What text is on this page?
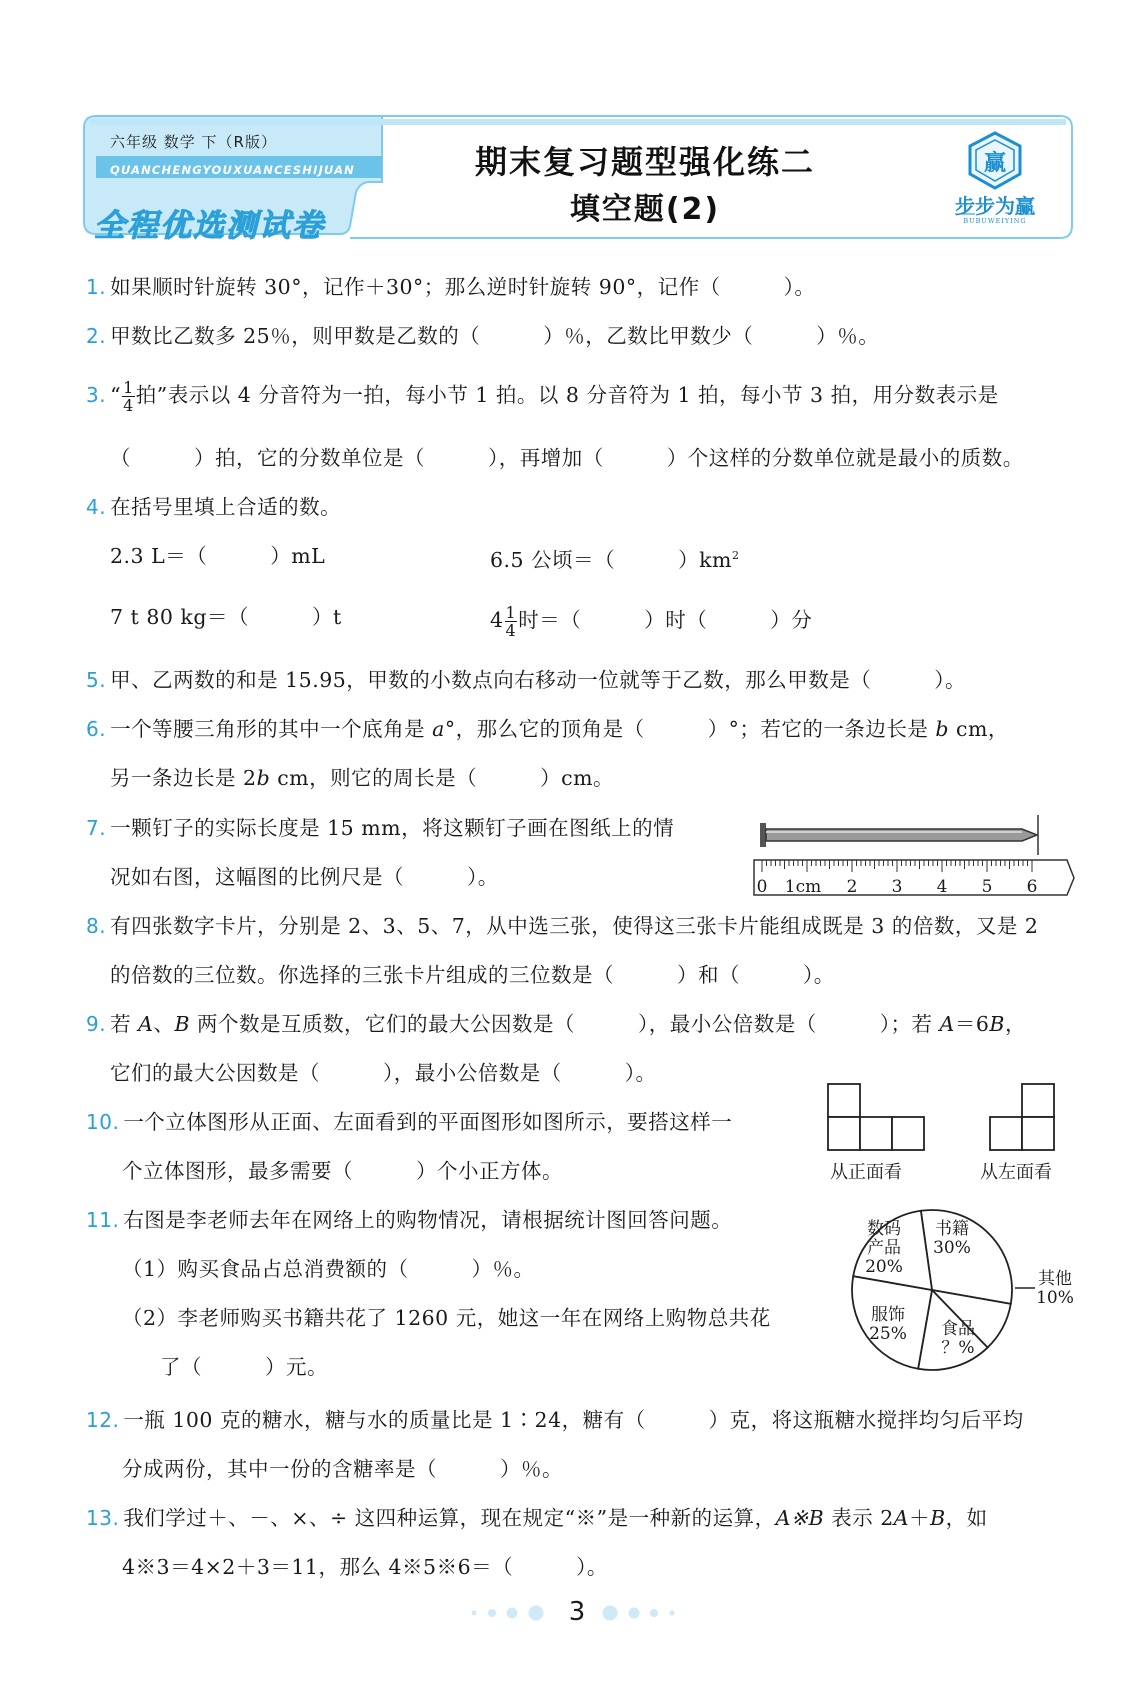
赢
六年级 数学 下（R版）
QUANCHENGYOUXUANCESHIJUAN
全程优选测试卷
期末复习题型强化练二
填空题(2)	步步为赢
BUBUWEIYING
1. 如果顺时针旋转 30°，记作＋30°；那么逆时针旋转 90°，记作（　　　）。
2. 甲数比乙数多 25％，则甲数是乙数的（　　　）％，乙数比甲数少（　　　）％。
3. “ $\frac{1}{4}$ 拍”表示以 4 分音符为一拍，每小节 1 拍。以 8 分音符为 1 拍，每小节 3 拍，用分数表示是
（　　　）拍，它的分数单位是（　　　），再增加（　　　）个这样的分数单位就是最小的质数。
4. 在括号里填上合适的数。
2.3 L＝（　　　）mL	6.5 公顷＝（　　　）$km^2$
7 t 80 kg＝（　　　）t	$4 \frac{1}{4}$ 时＝（　　　）时（　　　）分
5. 甲、乙两数的和是 15.95，甲数的小数点向右移动一位就等于乙数，那么甲数是（　　　）。
6. 一个等腰三角形的其中一个底角是 a°，那么它的顶角是（　　　）°；若它的一条边长是 b cm，
另一条边长是 2b cm，则它的周长是（　　　）cm。
7. 一颗钉子的实际长度是 15 mm，将这颗钉子画在图纸上的情
况如右图，这幅图的比例尺是（　　　）。	0 1cm 2 3 4 5 6
8. 有四张数字卡片，分别是 2、3、5、7，从中选三张，使得这三张卡片能组成既是 3 的倍数，又是 2
的倍数的三位数。你选择的三张卡片组成的三位数是（　　　）和（　　　）。
9. 若 A、B 两个数是互质数，它们的最大公因数是（　　　），最小公倍数是（　　　）；若 A＝6B，
它们的最大公因数是（　　　），最小公倍数是（　　　）。
10. 一个立体图形从正面、左面看到的平面图形如图所示，要搭这样一
个立体图形，最多需要（　　　）个小正方体。	从正面看	从左面看
11. 右图是李老师去年在网络上的购物情况，请根据统计图回答问题。
（1）购买食品占总消费额的（　　　）％。
（2）李老师购买书籍共花了 1260 元，她这一年在网络上购物总共花
了（　　　）元。
书籍
30%
其他
10%
食品
？%
服饰
25%
数码
产品
20%
12. 一瓶 100 克的糖水，糖与水的质量比是 1∶24，糖有（　　　）克，将这瓶糖水搅拌均匀后平均
分成两份，其中一份的含糖率是（　　　）％。
13. 我们学过＋、－、×、÷ 这四种运算，现在规定“※”是一种新的运算，A※B 表示 2A＋B，如
4※3＝4×2＋3＝11，那么 4※5※6＝（　　　）。
3
